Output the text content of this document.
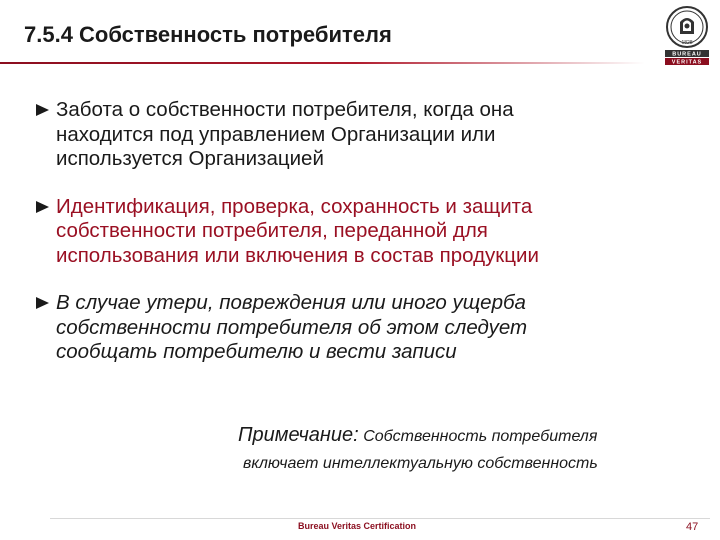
7.5.4 Собственность потребителя	1828
BUREAU
VERITAS
Забота о собственности потребителя, когда она
находится под управлением Организации или
используется Организацией
Идентификация, проверка, сохранность и защита
собственности потребителя, переданной для
использования или включения в состав продукции
В случае утери, повреждения или иного ущерба
собственности потребителя об этом следует
сообщать потребителю и вести записи
Примечание: Собственность потребителя
включает интеллектуальную собственность
Bureau Veritas Certification	47
